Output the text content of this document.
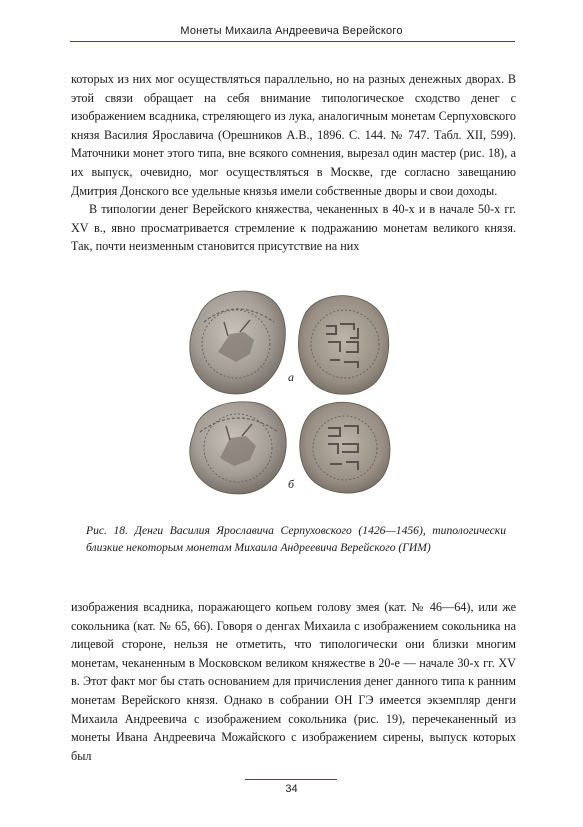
Монеты Михаила Андреевича Верейского

которых из них мог осуществляться параллельно, но на разных денежных дворах. В этой связи обращает на себя внимание типологическое сходство денег с изображением всадника, стреляющего из лука, аналогичным монетам Серпуховского князя Василия Ярославича (Орешников А.В., 1896. С. 144. № 747. Табл. XII, 599). Маточники монет этого типа, вне всякого сомнения, вырезал один мастер (рис. 18), а их выпуск, очевидно, мог осуществляться в Москве, где согласно завещанию Дмитрия Донского все удельные князья имели собственные дворы и свои доходы.

В типологии денег Верейского княжества, чеканенных в 40-х и в начале 50-х гг. XV в., явно просматривается стремление к подражанию монетам великого князя. Так, почти неизменным становится присутствие на них

а
б
Рис. 18. Денги Василия Ярославича Серпуховского (1426—1456), типологически близкие некоторым монетам Михаила Андреевича Верейского (ГИМ)

изображения всадника, поражающего копьем голову змея (кат. № 46—64), или же сокольника (кат. № 65, 66). Говоря о денгах Михаила с изображением сокольника на лицевой стороне, нельзя не отметить, что типологически они близки многим монетам, чеканенным в Московском великом княжестве в 20-е — начале 30-х гг. XV в. Этот факт мог бы стать основанием для причисления денег данного типа к ранним монетам Верейского князя. Однако в собрании ОН ГЭ имеется экземпляр денги Михаила Андреевича с изображением сокольника (рис. 19), перечеканенный из монеты Ивана Андреевича Можайского с изображением сирены, выпуск которых был

34
